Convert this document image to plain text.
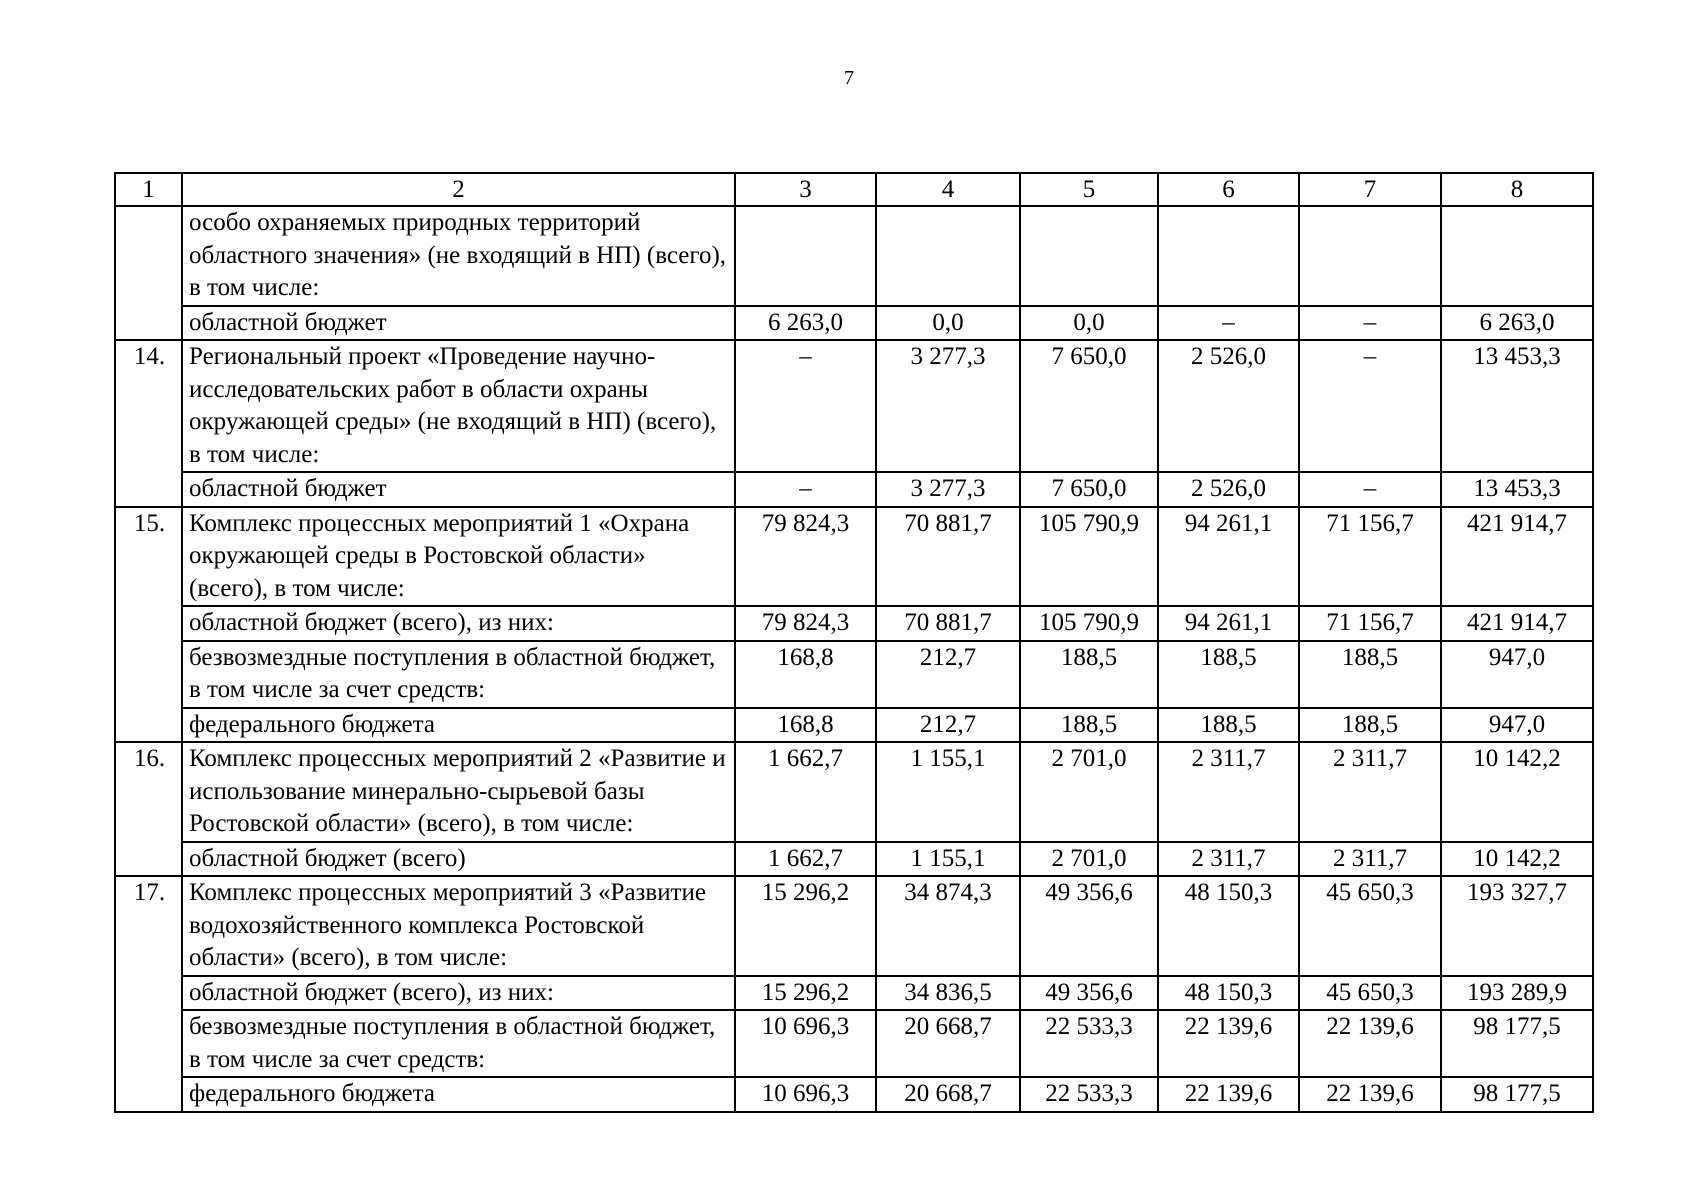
7
1	2	3	4	5	6	7	8
	особо охраняемых природных территорий областного значения» (не входящий в НП) (всего), в том числе:						
	областной бюджет	6 263,0	0,0	0,0	–	–	6 263,0
14.	Региональный проект «Проведение научно-исследовательских работ в области охраны окружающей среды» (не входящий в НП) (всего), в том числе:	–	3 277,3	7 650,0	2 526,0	–	13 453,3
	областной бюджет	–	3 277,3	7 650,0	2 526,0	–	13 453,3
15.	Комплекс процессных мероприятий 1 «Охрана окружающей среды в Ростовской области» (всего), в том числе:	79 824,3	70 881,7	105 790,9	94 261,1	71 156,7	421 914,7
	областной бюджет (всего), из них:	79 824,3	70 881,7	105 790,9	94 261,1	71 156,7	421 914,7
	безвозмездные поступления в областной бюджет, в том числе за счет средств:	168,8	212,7	188,5	188,5	188,5	947,0
	федерального бюджета	168,8	212,7	188,5	188,5	188,5	947,0
16.	Комплекс процессных мероприятий 2 «Развитие и использование минерально-сырьевой базы Ростовской области» (всего), в том числе:	1 662,7	1 155,1	2 701,0	2 311,7	2 311,7	10 142,2
	областной бюджет (всего)	1 662,7	1 155,1	2 701,0	2 311,7	2 311,7	10 142,2
17.	Комплекс процессных мероприятий 3 «Развитие водохозяйственного комплекса Ростовской области» (всего), в том числе:	15 296,2	34 874,3	49 356,6	48 150,3	45 650,3	193 327,7
	областной бюджет (всего), из них:	15 296,2	34 836,5	49 356,6	48 150,3	45 650,3	193 289,9
	безвозмездные поступления в областной бюджет, в том числе за счет средств:	10 696,3	20 668,7	22 533,3	22 139,6	22 139,6	98 177,5
	федерального бюджета	10 696,3	20 668,7	22 533,3	22 139,6	22 139,6	98 177,5
